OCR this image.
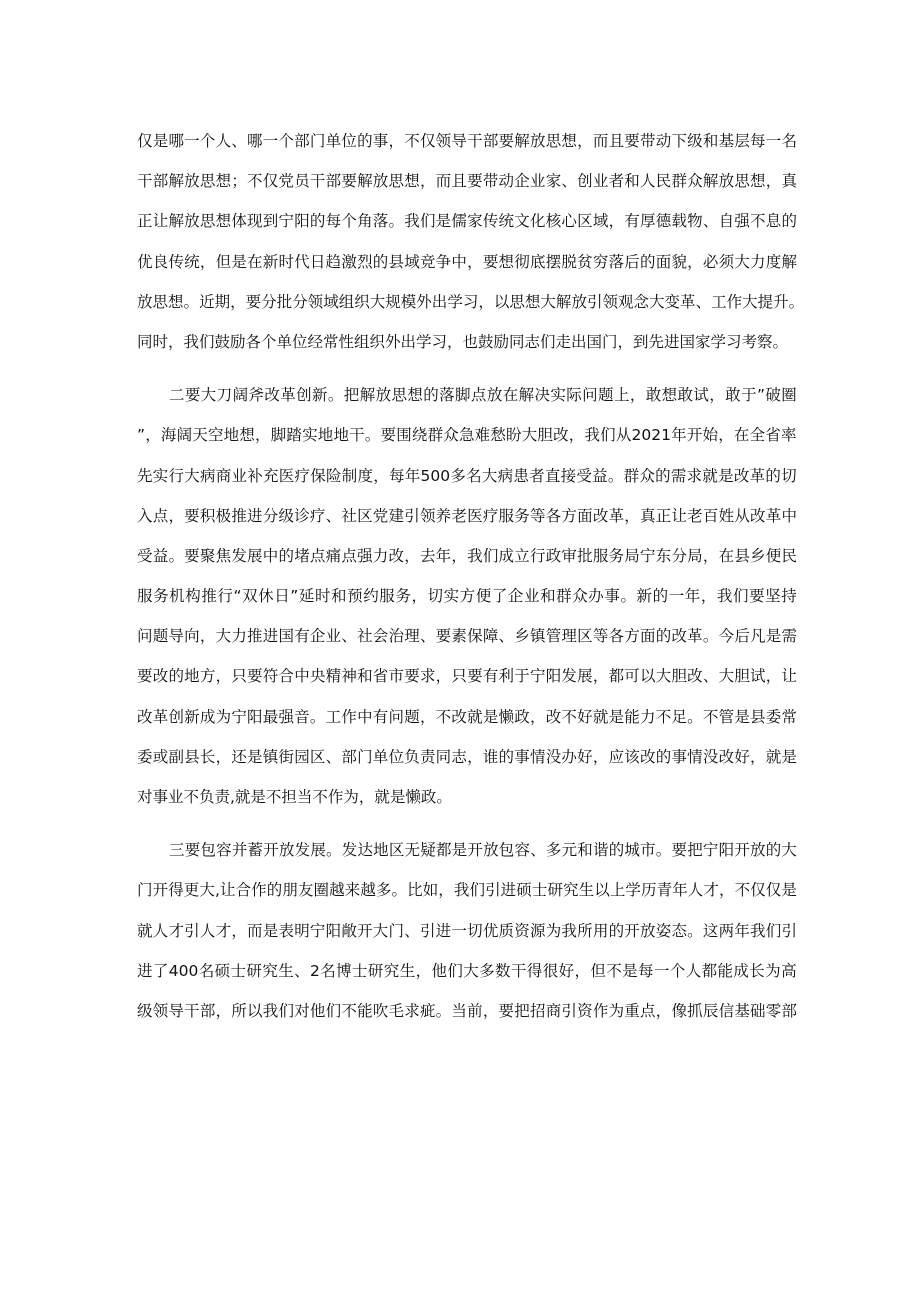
仅 是 哪 一 个 人 、 哪 一 个 部 门 单 位 的 事 ， 不 仅 领 导 干 部 要 解 放 思 想 ， 而 且 要 带 动 下 级 和 基 层 每 一 名
干 部 解 放 思 想 ； 不 仅 党 员 干 部 要 解 放 思 想 ， 而 且 要 带 动 企 业 家 、 创 业 者 和 人 民 群 众 解 放 思 想 ， 真
正 让 解 放 思 想 体 现 到 宁 阳 的 每 个 角 落 。 我 们 是 儒 家 传 统 文 化 核 心 区 域 ， 有 厚 德 载 物 、 自 强 不 息 的
优 良 传 统 ， 但 是 在 新 时 代 日 趋 激 烈 的 县 域 竞 争 中 ， 要 想 彻 底 摆 脱 贫 穷 落 后 的 面 貌 ， 必 须 大 力 度 解
放 思 想 。 近 期 ， 要 分 批 分 领 域 组 织 大 规 模 外 出 学 习 ， 以 思 想 大 解 放 引 领 观 念 大 变 革 、 工 作 大 提 升 。
同时，我们鼓励各个单位经常性组织外出学习，也鼓励同志们走出国门，到先进国家学习考察。
二 要 大 刀 阔 斧 改 革 创 新 。 把 解 放 思 想 的 落 脚 点 放 在 解 决 实 际 问 题 上 ， 敢 想 敢 试 ， 敢 于 ” 破 圈
” ， 海 阔 天 空 地 想 ， 脚 踏 实 地 地 干 。 要 围 绕 群 众 急 难 愁 盼 大 胆 改 ， 我 们 从 2021 年 开 始 ， 在 全 省 率
先 实 行 大 病 商 业 补 充 医 疗 保 险 制 度 ， 每 年 500 多 名 大 病 患 者 直 接 受 益 。 群 众 的 需 求 就 是 改 革 的 切
入 点 ， 要 积 极 推 进 分 级 诊 疗 、 社 区 党 建 引 领 养 老 医 疗 服 务 等 各 方 面 改 革 ， 真 正 让 老 百 姓 从 改 革 中
受 益 。 要 聚 焦 发 展 中 的 堵 点 痛 点 强 力 改 ， 去 年 ， 我 们 成 立 行 政 审 批 服 务 局 宁 东 分 局 ， 在 县 乡 便 民
服 务 机 构 推 行 “ 双 休 日 ” 延 时 和 预 约 服 务 ， 切 实 方 便 了 企 业 和 群 众 办 事 。 新 的 一 年 ， 我 们 要 坚 持
问 题 导 向 ， 大 力 推 进 国 有 企 业 、 社 会 治 理 、 要 素 保 障 、 乡 镇 管 理 区 等 各 方 面 的 改 革 。 今 后 凡 是 需
要 改 的 地 方 ， 只 要 符 合 中 央 精 神 和 省 市 要 求 ， 只 要 有 利 于 宁 阳 发 展 ， 都 可 以 大 胆 改 、 大 胆 试 ， 让
改 革 创 新 成 为 宁 阳 最 强 音 。 工 作 中 有 问 题 ， 不 改 就 是 懒 政 ， 改 不 好 就 是 能 力 不 足 。 不 管 是 县 委 常
委 或 副 县 长 ， 还 是 镇 街 园 区 、 部 门 单 位 负 责 同 志 ， 谁 的 事 情 没 办 好 ， 应 该 改 的 事 情 没 改 好 ， 就 是
对事业不负责,就是不担当不作为，就是懒政。
三 要 包 容 并 蓄 开 放 发 展 。 发 达 地 区 无 疑 都 是 开 放 包 容 、 多 元 和 谐 的 城 市 。 要 把 宁 阳 开 放 的 大
门 开 得 更 大 , 让 合 作 的 朋 友 圈 越 来 越 多 。 比 如 ， 我 们 引 进 硕 士 研 究 生 以 上 学 历 青 年 人 才 ， 不 仅 仅 是
就 人 才 引 人 才 ， 而 是 表 明 宁 阳 敞 开 大 门 、 引 进 一 切 优 质 资 源 为 我 所 用 的 开 放 姿 态 。 这 两 年 我 们 引
进 了 400 名 硕 士 研 究 生 、 2 名 博 士 研 究 生 ， 他 们 大 多 数 干 得 很 好 ， 但 不 是 每 一 个 人 都 能 成 长 为 高
级 领 导 干 部 ， 所 以 我 们 对 他 们 不 能 吹 毛 求 疵 。 当 前 ， 要 把 招 商 引 资 作 为 重 点 ， 像 抓 辰 信 基 础 零 部
